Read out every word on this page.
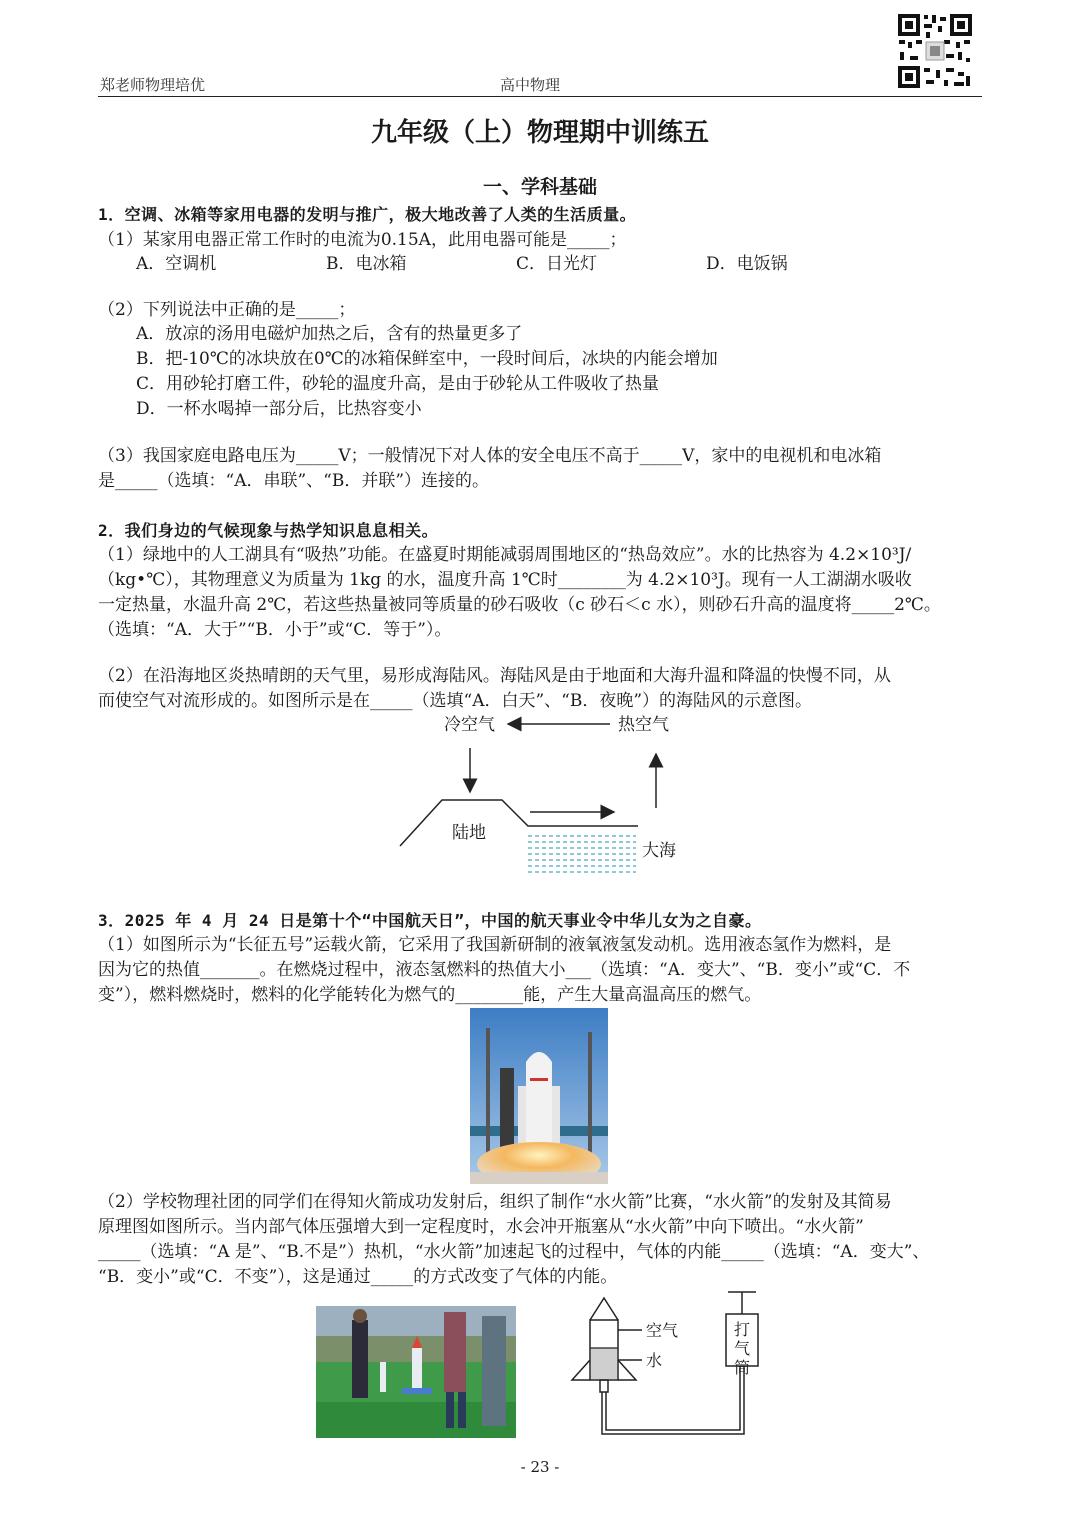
郑老师物理培优	高中物理
九年级（上）物理期中训练五
一、学科基础
1．空调、冰箱等家用电器的发明与推广，极大地改善了人类的生活质量。
（1）某家用电器正常工作时的电流为0.15A，此用电器可能是_____；
A．空调机	B．电冰箱	C．日光灯	D．电饭锅
（2）下列说法中正确的是_____；
A．放凉的汤用电磁炉加热之后，含有的热量更多了
B．把-10℃的冰块放在0℃的冰箱保鲜室中，一段时间后，冰块的内能会增加
C．用砂轮打磨工件，砂轮的温度升高，是由于砂轮从工件吸收了热量
D．一杯水喝掉一部分后，比热容变小
（3）我国家庭电路电压为_____V；一般情况下对人体的安全电压不高于_____V，家中的电视机和电冰箱
是_____（选填：“A．串联”、“B．并联”）连接的。
2．我们身边的气候现象与热学知识息息相关。
（1）绿地中的人工湖具有“吸热”功能。在盛夏时期能减弱周围地区的“热岛效应”。水的比热容为 4.2×10³J/
（kg•℃），其物理意义为质量为 1kg 的水，温度升高 1℃时________为 4.2×10³J。现有一人工湖湖水吸收
一定热量，水温升高 2℃，若这些热量被同等质量的砂石吸收（c 砂石＜c 水），则砂石升高的温度将_____2℃。
（选填：“A．大于”“B．小于”或“C．等于”）。
（2）在沿海地区炎热晴朗的天气里，易形成海陆风。海陆风是由于地面和大海升温和降温的快慢不同，从
而使空气对流形成的。如图所示是在_____（选填“A．白天”、“B．夜晚”）的海陆风的示意图。
冷空气	热空气
陆地
大海
3．2025 年 4 月 24 日是第十个“中国航天日”，中国的航天事业令中华儿女为之自豪。
（1）如图所示为“长征五号”运载火箭，它采用了我国新研制的液氧液氢发动机。选用液态氢作为燃料，是
因为它的热值_______。在燃烧过程中，液态氢燃料的热值大小___（选填：“A．变大”、“B．变小”或“C．不
变”），燃料燃烧时，燃料的化学能转化为燃气的________能，产生大量高温高压的燃气。
（2）学校物理社团的同学们在得知火箭成功发射后，组织了制作“水火箭”比赛，“水火箭”的发射及其简易
原理图如图所示。当内部气体压强增大到一定程度时，水会冲开瓶塞从“水火箭”中向下喷出。“水火箭”
_____（选填：“A 是”、“B.不是”）热机，“水火箭”加速起飞的过程中，气体的内能_____（选填：“A．变大”、
“B．变小”或“C．不变”），这是通过_____的方式改变了气体的内能。
空气
水
打气筒
- 23 -
